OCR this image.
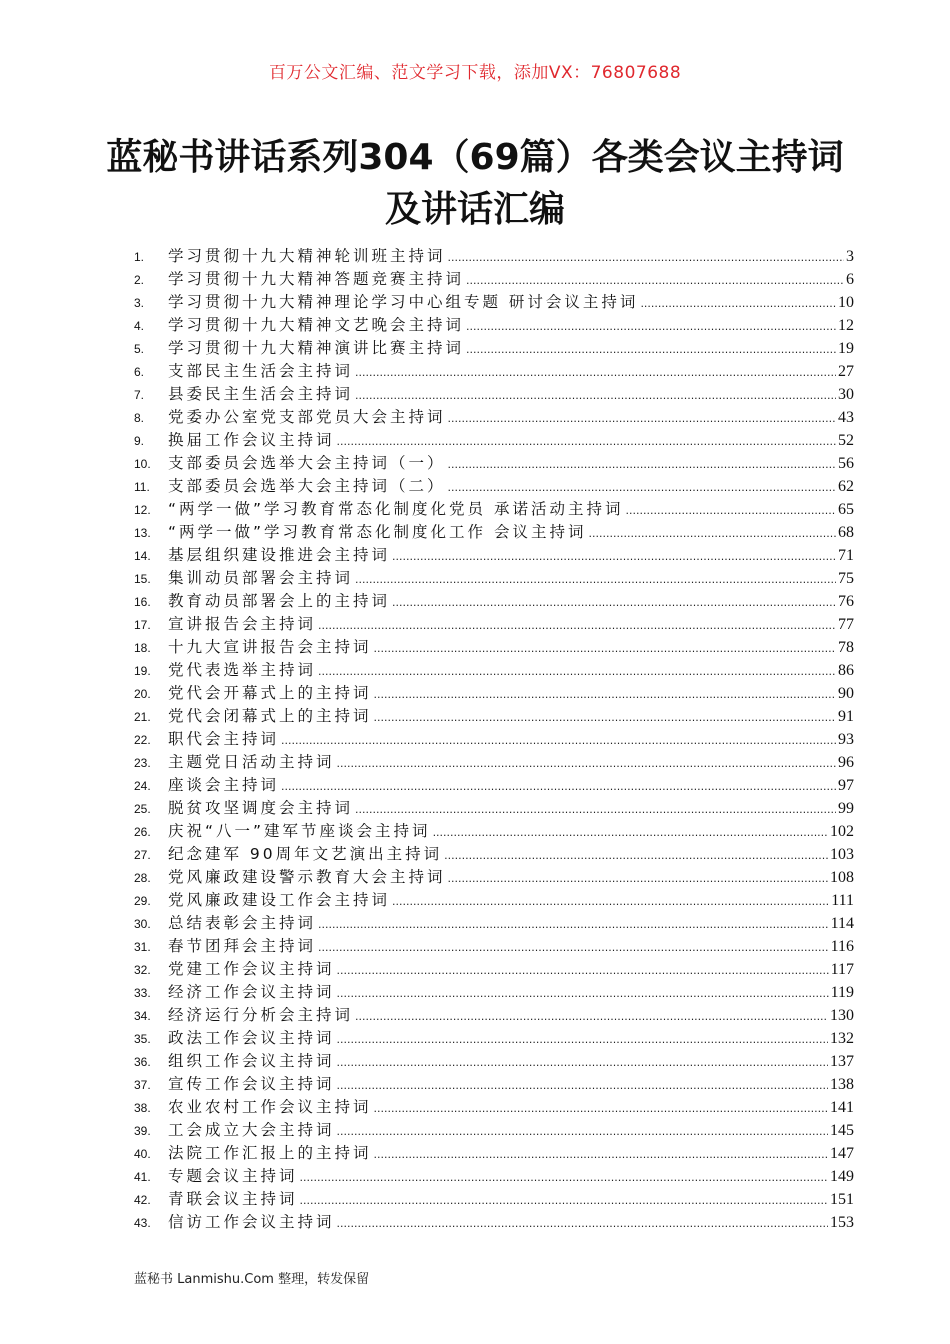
百万公文汇编、范文学习下载，添加VX：76807688
蓝秘书讲话系列304（69篇）各类会议主持词及讲话汇编
1.	学习贯彻十九大精神轮训班主持词 .....	3
2.	学习贯彻十九大精神答题竞赛主持词 .....	6
3.	学习贯彻十九大精神理论学习中心组专题 研讨会议主持词 .....	10
4.	学习贯彻十九大精神文艺晚会主持词 .....	12
5.	学习贯彻十九大精神演讲比赛主持词 .....	19
6.	支部民主生活会主持词 .....	27
7.	县委民主生活会主持词 .....	30
8.	党委办公室党支部党员大会主持词 .....	43
9.	换届工作会议主持词 .....	52
10.	支部委员会选举大会主持词（一） .....	56
11.	支部委员会选举大会主持词（二） .....	62
12.	“两学一做”学习教育常态化制度化党员 承诺活动主持词 .....	65
13.	“两学一做”学习教育常态化制度化工作 会议主持词 .....	68
14.	基层组织建设推进会主持词 .....	71
15.	集训动员部署会主持词 .....	75
16.	教育动员部署会上的主持词 .....	76
17.	宣讲报告会主持词 .....	77
18.	十九大宣讲报告会主持词 .....	78
19.	党代表选举主持词 .....	86
20.	党代会开幕式上的主持词 .....	90
21.	党代会闭幕式上的主持词 .....	91
22.	职代会主持词 .....	93
23.	主题党日活动主持词 .....	96
24.	座谈会主持词 .....	97
25.	脱贫攻坚调度会主持词 .....	99
26.	庆祝“八一”建军节座谈会主持词 .....	102
27.	纪念建军 90周年文艺演出主持词 .....	103
28.	党风廉政建设警示教育大会主持词 .....	108
29.	党风廉政建设工作会主持词 .....	111
30.	总结表彰会主持词 .....	114
31.	春节团拜会主持词 .....	116
32.	党建工作会议主持词 .....	117
33.	经济工作会议主持词 .....	119
34.	经济运行分析会主持词 .....	130
35.	政法工作会议主持词 .....	132
36.	组织工作会议主持词 .....	137
37.	宣传工作会议主持词 .....	138
38.	农业农村工作会议主持词 .....	141
39.	工会成立大会主持词 .....	145
40.	法院工作汇报上的主持词 .....	147
41.	专题会议主持词 .....	149
42.	青联会议主持词 .....	151
43.	信访工作会议主持词 .....	153
蓝秘书 Lanmishu.Com 整理，转发保留
